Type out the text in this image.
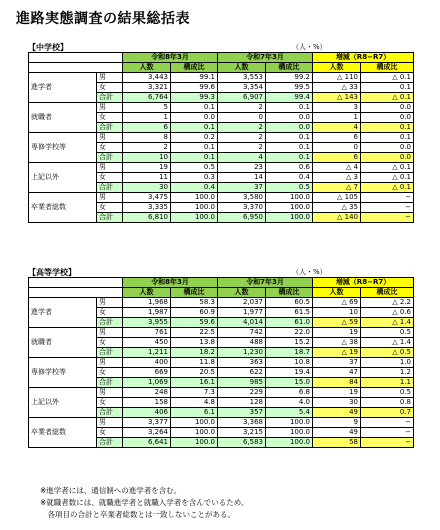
進路実態調査の結果総括表
【中学校】	（人・%）
		令和8年3月		令和7年3月		増減（R8−R7）	
		人数	構成比	人数	構成比	人数	構成比
進学者	男	3,443	99.1	3,553	99.2	△ 110	△ 0.1
	女	3,321	99.6	3,354	99.5	△ 33	0.1
	合計	6,764	99.3	6,907	99.4	△ 143	△ 0.1
就職者	男	5	0.1	2	0.1	3	0.0
	女	1	0.0	0	0.0	1	0.0
	合計	6	0.1	2	0.0	4	0.1
専修学校等	男	8	0.2	2	0.1	6	0.1
	女	2	0.1	2	0.1	0	0.0
	合計	10	0.1	4	0.1	6	0.0
上記以外	男	19	0.5	23	0.6	△ 4	△ 0.1
	女	11	0.3	14	0.4	△ 3	△ 0.1
	合計	30	0.4	37	0.5	△ 7	△ 0.1
卒業者総数	男	3,475	100.0	3,580	100.0	△ 105	−
	女	3,335	100.0	3,370	100.0	△ 35	−
	合計	6,810	100.0	6,950	100.0	△ 140	−
【高等学校】	（人・%）
		令和8年3月		令和7年3月		増減（R8−R7）	
		人数	構成比	人数	構成比	人数	構成比
進学者	男	1,968	58.3	2,037	60.5	△ 69	△ 2.2
	女	1,987	60.9	1,977	61.5	10	△ 0.6
	合計	3,955	59.6	4,014	61.0	△ 59	△ 1.4
就職者	男	761	22.5	742	22.0	19	0.5
	女	450	13.8	488	15.2	△ 38	△ 1.4
	合計	1,211	18.2	1,230	18.7	△ 19	△ 0.5
専修学校等	男	400	11.8	363	10.8	37	1.0
	女	669	20.5	622	19.4	47	1.2
	合計	1,069	16.1	985	15.0	84	1.1
上記以外	男	248	7.3	229	6.8	19	0.5
	女	158	4.8	128	4.0	30	0.8
	合計	406	6.1	357	5.4	49	0.7
卒業者総数	男	3,377	100.0	3,368	100.0	9	−
	女	3,264	100.0	3,215	100.0	49	−
	合計	6,641	100.0	6,583	100.0	58	−
※進学者には、通信制への進学者を含む。
※就職者数には、就職進学者と就職入学者を含んでいるため、
　各項目の合計と卒業者総数とは一致しないことがある。
